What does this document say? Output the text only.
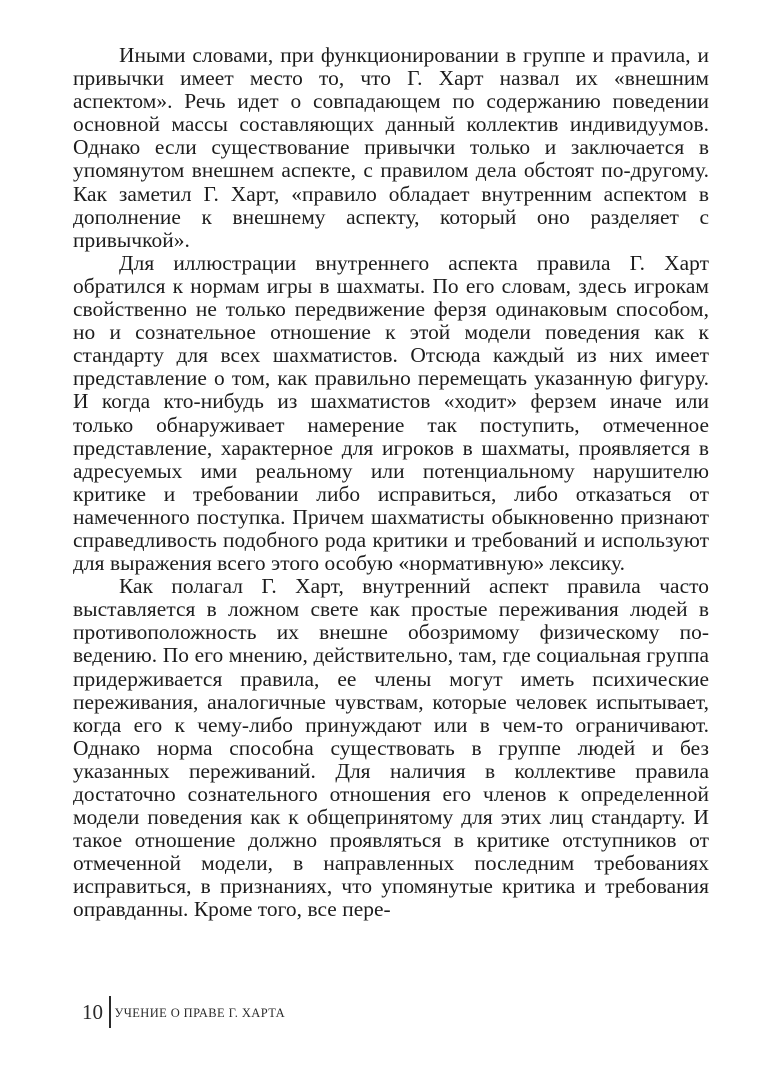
Иными словами, при функционировании в группе и праvила, и привычки имеет место то, что Г. Харт назвал их «внешним аспектом». Речь идет о совпадающем по содержанию поведении основной массы составляющих данный коллектив индивидуумов. Однако если существование привычки только и заключается в упомянутом внешнем аспекте, с правилом дела обстоят по-другому. Как заметил Г. Харт, «правило обладает внутренним аспектом в дополнение к внешнему аспекту, который оно разделяет с привычкой».

Для иллюстрации внутреннего аспекта правила Г. Харт обратился к нормам игры в шахматы. По его словам, здесь игрокам свойственно не только передвижение ферзя одинаковым способом, но и сознательное отношение к этой модели поведения как к стандарту для всех шахматистов. Отсюда каждый из них имеет представление о том, как правильно перемещать указанную фигуру. И когда кто-нибудь из шахматистов «ходит» ферзем иначе или только обнаруживает намерение так поступить, отмеченное представление, характерное для игроков в шахматы, проявляется в адресуемых ими реальному или потенциальному нарушителю критике и требовании либо исправиться, либо отказаться от намеченного поступка. Причем шахматисты обыкновенно признают справедливость подобного рода критики и требований и используют для выражения всего этого особую «нормативную» лексику.

Как полагал Г. Харт, внутренний аспект правила часто выставляется в ложном свете как простые переживания людей в противоположность их внешне обозримому физическому поведению. По его мнению, действительно, там, где социальная группа придерживается правила, ее члены могут иметь психические переживания, аналогичные чувствам, которые человек испытывает, когда его к чему-либо принуждают или в чем-то ограничивают. Однако норма способна существовать в группе людей и без указанных переживаний. Для наличия в коллективе правила достаточно сознательного отношения его членов к определенной модели поведения как к общепринятому для этих лиц стандарту. И такое отношение должно проявляться в критике отступников от отмеченной модели, в направленных последним требованиях исправиться, в признаниях, что упомянутые критика и требования оправданны. Кроме того, все пере-

10 УЧЕНИЕ О ПРАВЕ Г. ХАРТА
